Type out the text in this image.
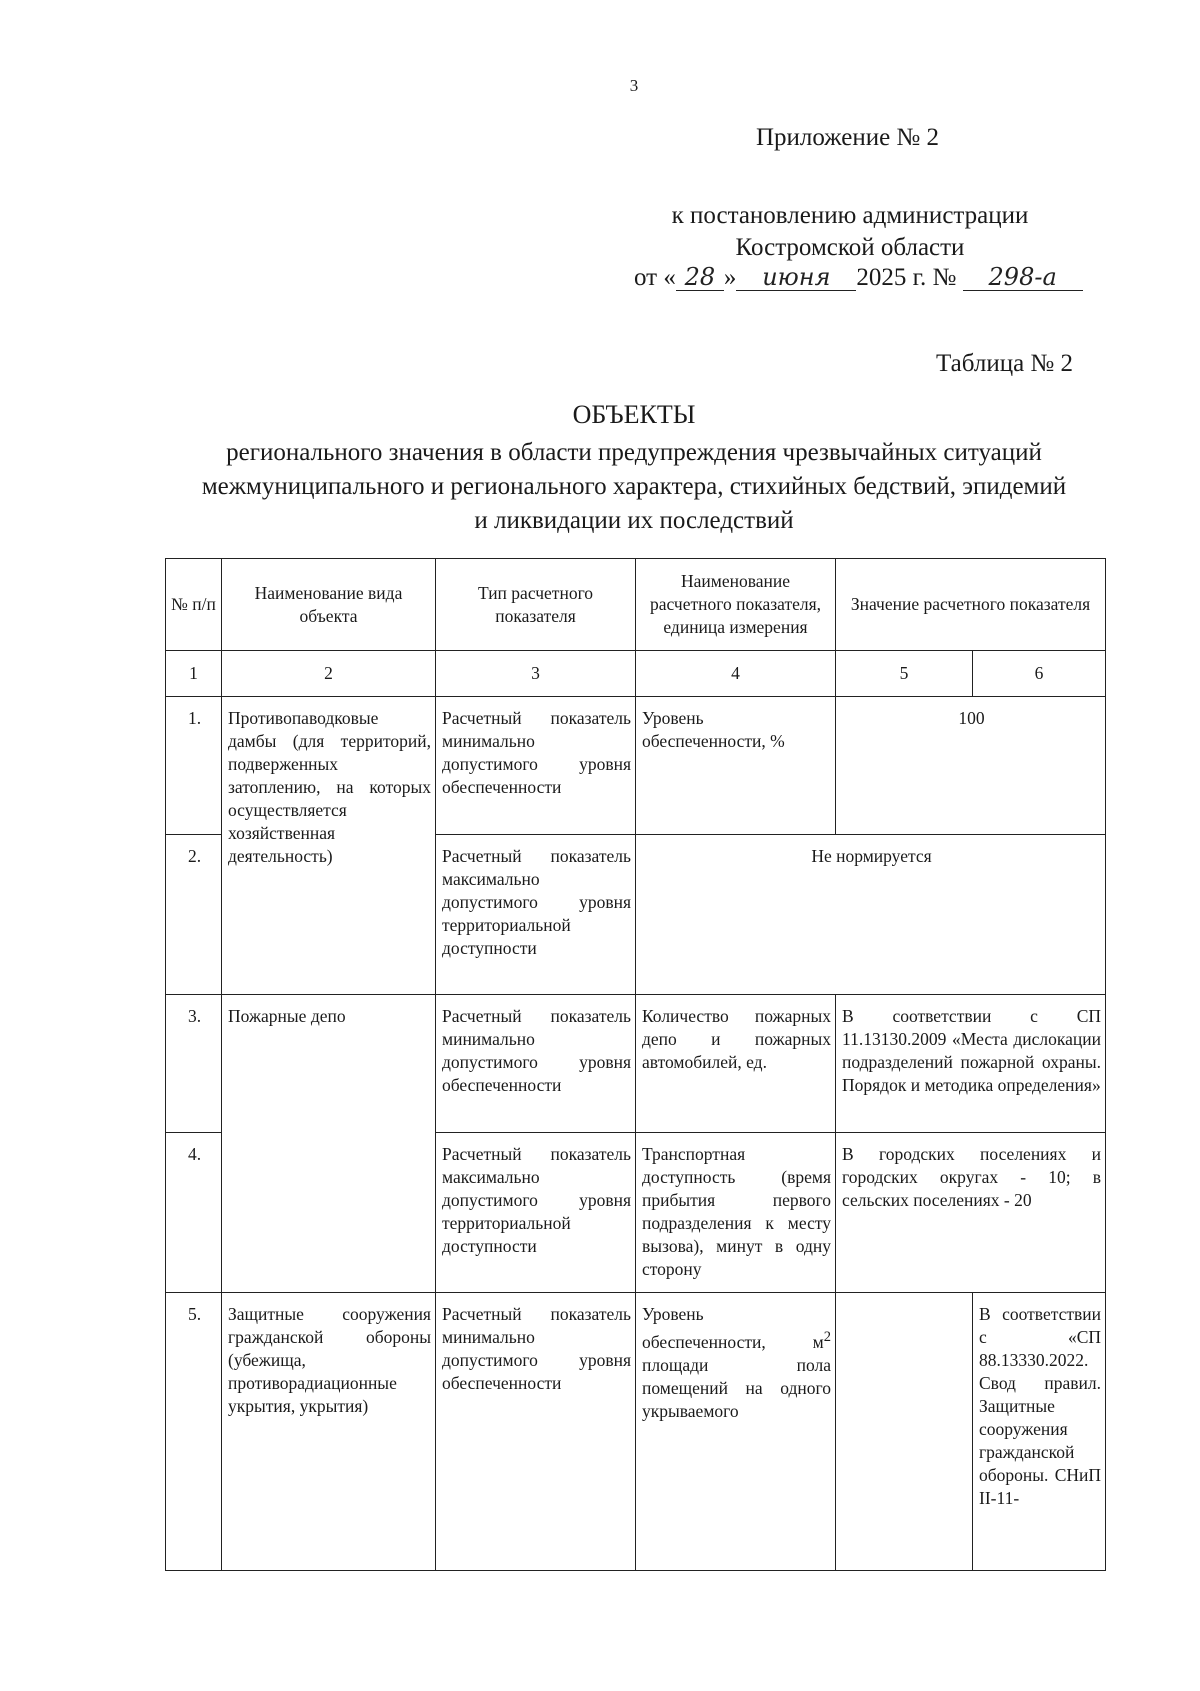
3
Приложение № 2
к постановлению администрации
Костромской области
от « 28 » июня 2025 г. № 298-а
Таблица № 2
ОБЪЕКТЫ
регионального значения в области предупреждения чрезвычайных ситуаций межмуниципального и регионального характера, стихийных бедствий, эпидемий и ликвидации их последствий
№ п/п	Наименование вида объекта	Тип расчетного показателя	Наименование расчетного показателя, единица измерения	Значение расчетного показателя	
1	2	3	4	5	6
1.	Противопаводковые дамбы (для территорий, подверженных затоплению, на которых осуществляется хозяйственная деятельность)	Расчетный показатель минимально допустимого уровня обеспеченности	Уровень обеспеченности, %	100	
2.		Расчетный показатель максимально допустимого уровня территориальной доступности	Не нормируется		
3.	Пожарные депо	Расчетный показатель минимально допустимого уровня обеспеченности	Количество пожарных депо и пожарных автомобилей, ед.	В соответствии с СП 11.13130.2009 «Места дислокации подразделений пожарной охраны. Порядок и методика определения»	
4.		Расчетный показатель максимально допустимого уровня территориальной доступности	Транспортная доступность (время прибытия первого подразделения к месту вызова), минут в одну сторону	В городских поселениях и городских округах - 10; в сельских поселениях - 20	
5.	Защитные сооружения гражданской обороны (убежища, противорадиационные укрытия, укрытия)	Расчетный показатель минимально допустимого уровня обеспеченности	Уровень обеспеченности, $м^2$ площади пола помещений на одного укрываемого		В соответствии с «СП 88.13330.2022. Свод правил. Защитные сооружения гражданской обороны. СНиП II-11-
